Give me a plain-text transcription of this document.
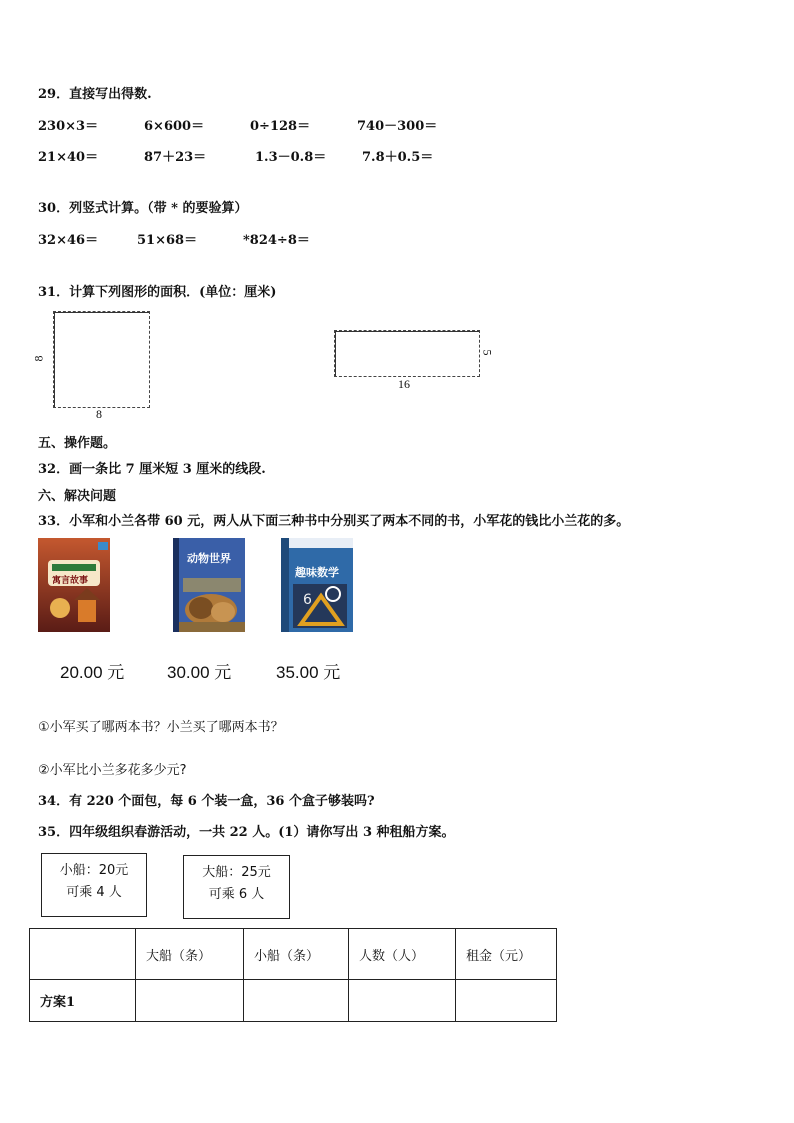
29．直接写出得数.
230×3＝	6×600＝	0÷128＝	740－300＝
21×40＝	87＋23＝	1.3－0.8＝	7.8＋0.5＝
30．列竖式计算。（带 * 的要验算）
32×46＝	51×68＝	*824÷8＝
31．计算下列图形的面积．(单位：厘米)
8
8
5
16
五、操作题。
32．画一条比 7 厘米短 3 厘米的线段.
六、解决问题
33．小军和小兰各带 60 元，两人从下面三种书中分别买了两本不同的书，小军花的钱比小兰花的多。
寓言故事
动物世界
6
趣味数学
20.00 元	30.00 元	35.00 元
①小军买了哪两本书？小兰买了哪两本书？
②小军比小兰多花多少元?
34．有 220 个面包，每 6 个装一盒，36 个盒子够装吗?
35．四年级组织春游活动，一共 22 人。(1）请你写出 3 种租船方案。
小船：20元
可乘 4 人
大船：25元
可乘 6 人
	大船（条）	小船（条）	人数（人）	租金（元）
方案1				
